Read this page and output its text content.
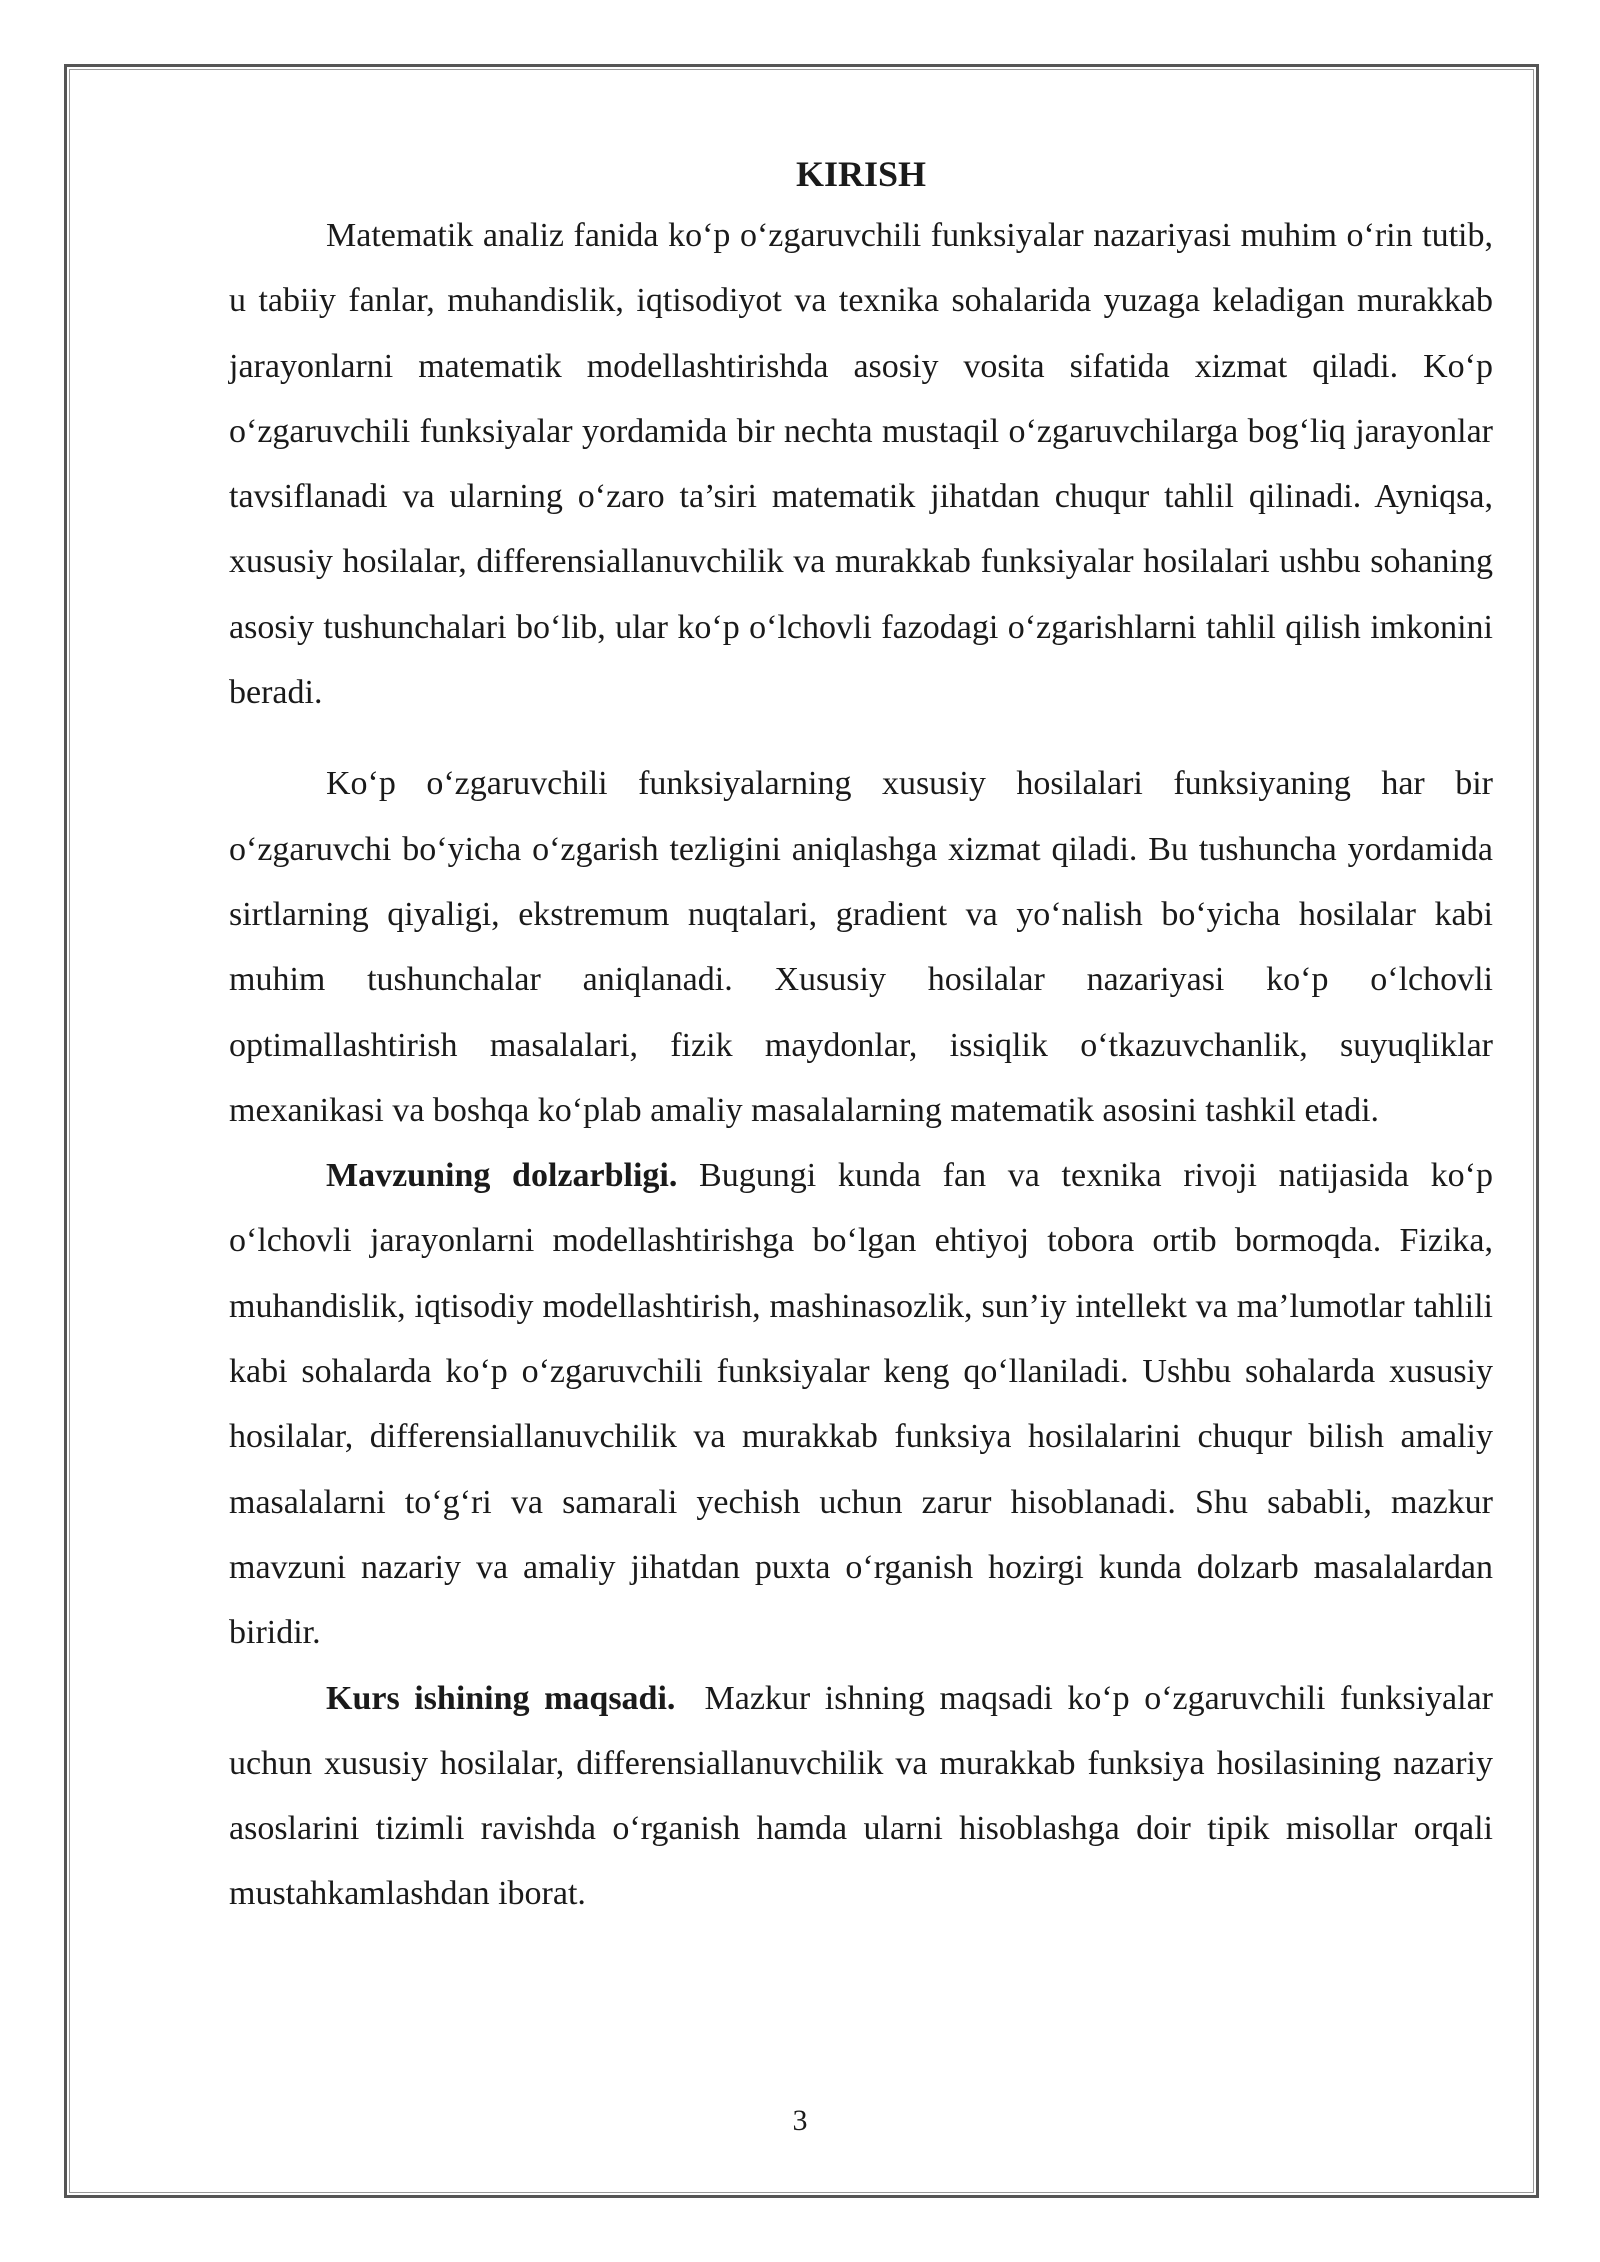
KIRISH

Matematik analiz fanida ko‘p o‘zgaruvchili funksiyalar nazariyasi muhim o‘rin tutib, u tabiiy fanlar, muhandislik, iqtisodiyot va texnika sohalarida yuzaga keladigan murakkab jarayonlarni matematik modellashtirishda asosiy vosita sifatida xizmat qiladi. Ko‘p o‘zgaruvchili funksiyalar yordamida bir nechta mustaqil o‘zgaruvchilarga bog‘liq jarayonlar tavsiflanadi va ularning o‘zaro ta’siri matematik jihatdan chuqur tahlil qilinadi. Ayniqsa, xususiy hosilalar, differensiallanuvchilik va murakkab funksiyalar hosilalari ushbu sohaning asosiy tushunchalari bo‘lib, ular ko‘p o‘lchovli fazodagi o‘zgarishlarni tahlil qilish imkonini beradi.

Ko‘p o‘zgaruvchili funksiyalarning xususiy hosilalari funksiyaning har bir o‘zgaruvchi bo‘yicha o‘zgarish tezligini aniqlashga xizmat qiladi. Bu tushuncha yordamida sirtlarning qiyaligi, ekstremum nuqtalari, gradient va yo‘nalish bo‘yicha hosilalar kabi muhim tushunchalar aniqlanadi. Xususiy hosilalar nazariyasi ko‘p o‘lchovli optimallashtirish masalalari, fizik maydonlar, issiqlik o‘tkazuvchanlik, suyuqliklar mexanikasi va boshqa ko‘plab amaliy masalalarning matematik asosini tashkil etadi.

Mavzuning dolzarbligi. Bugungi kunda fan va texnika rivoji natijasida ko‘p o‘lchovli jarayonlarni modellashtirishga bo‘lgan ehtiyoj tobora ortib bormoqda. Fizika, muhandislik, iqtisodiy modellashtirish, mashinasozlik, sun’iy intellekt va ma’lumotlar tahlili kabi sohalarda ko‘p o‘zgaruvchili funksiyalar keng qo‘llaniladi. Ushbu sohalarda xususiy hosilalar, differensiallanuvchilik va murakkab funksiya hosilalarini chuqur bilish amaliy masalalarni to‘g‘ri va samarali yechish uchun zarur hisoblanadi. Shu sababli, mazkur mavzuni nazariy va amaliy jihatdan puxta o‘rganish hozirgi kunda dolzarb masalalardan biridir.

Kurs ishining maqsadi.  Mazkur ishning maqsadi ko‘p o‘zgaruvchili funksiyalar uchun xususiy hosilalar, differensiallanuvchilik va murakkab funksiya hosilasining nazariy asoslarini tizimli ravishda o‘rganish hamda ularni hisoblashga doir tipik misollar orqali mustahkamlashdan iborat.

3
